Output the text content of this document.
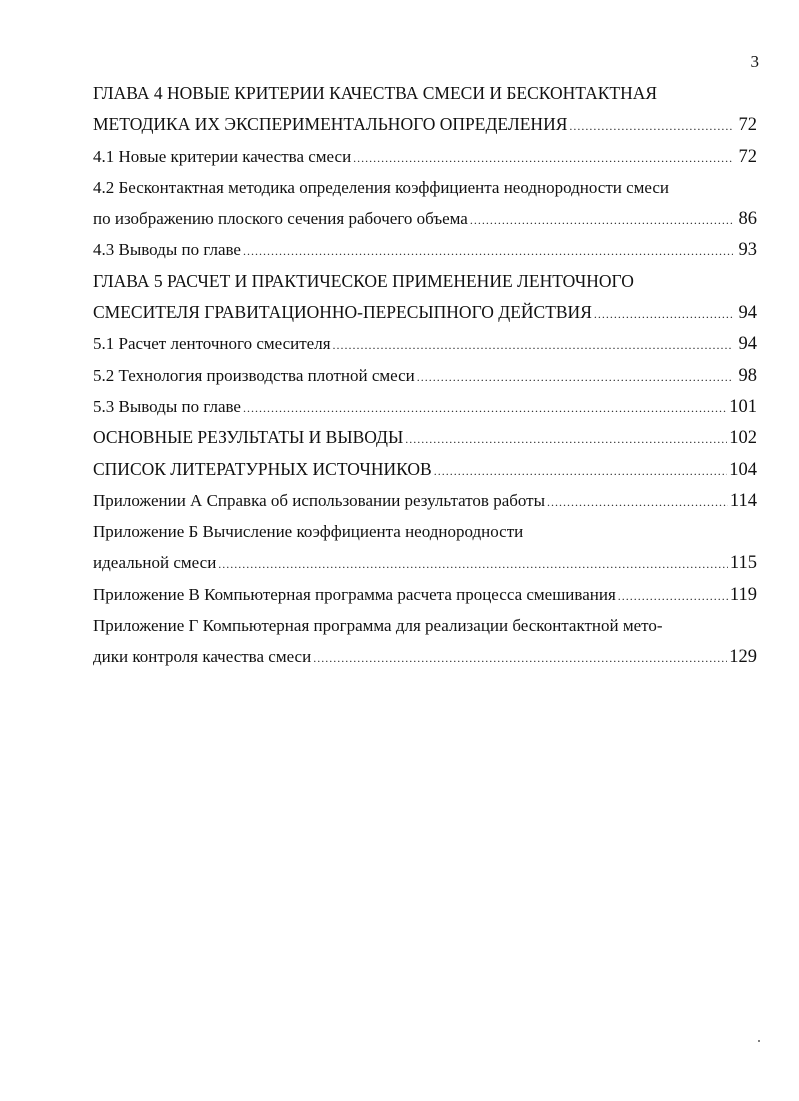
3
ГЛАВА 4 НОВЫЕ КРИТЕРИИ КАЧЕСТВА СМЕСИ И БЕСКОНТАКТНАЯ
МЕТОДИКА ИХ ЭКСПЕРИМЕНТАЛЬНОГО ОПРЕДЕЛЕНИЯ .....	72
4.1 Новые критерии качества смеси .....	72
4.2 Бесконтактная методика определения коэффициента неоднородности смеси
по изображению плоского сечения рабочего объема .....	86
4.3 Выводы по главе .....	93
ГЛАВА 5 РАСЧЕТ И ПРАКТИЧЕСКОЕ ПРИМЕНЕНИЕ ЛЕНТОЧНОГО
СМЕСИТЕЛЯ ГРАВИТАЦИОННО-ПЕРЕСЫПНОГО ДЕЙСТВИЯ .....	94
5.1 Расчет ленточного смесителя .....	94
5.2 Технология производства плотной смеси .....	98
5.3 Выводы по главе .....	101
ОСНОВНЫЕ РЕЗУЛЬТАТЫ И ВЫВОДЫ .....	102
СПИСОК ЛИТЕРАТУРНЫХ ИСТОЧНИКОВ .....	104
Приложении А Справка об использовании результатов работы .....	114
Приложение Б Вычисление коэффициента неоднородности
идеальной смеси .....	115
Приложение В Компьютерная программа расчета процесса смешивания .....	119
Приложение Г Компьютерная программа для реализации бесконтактной мето-
дики контроля качества смеси .....	129
